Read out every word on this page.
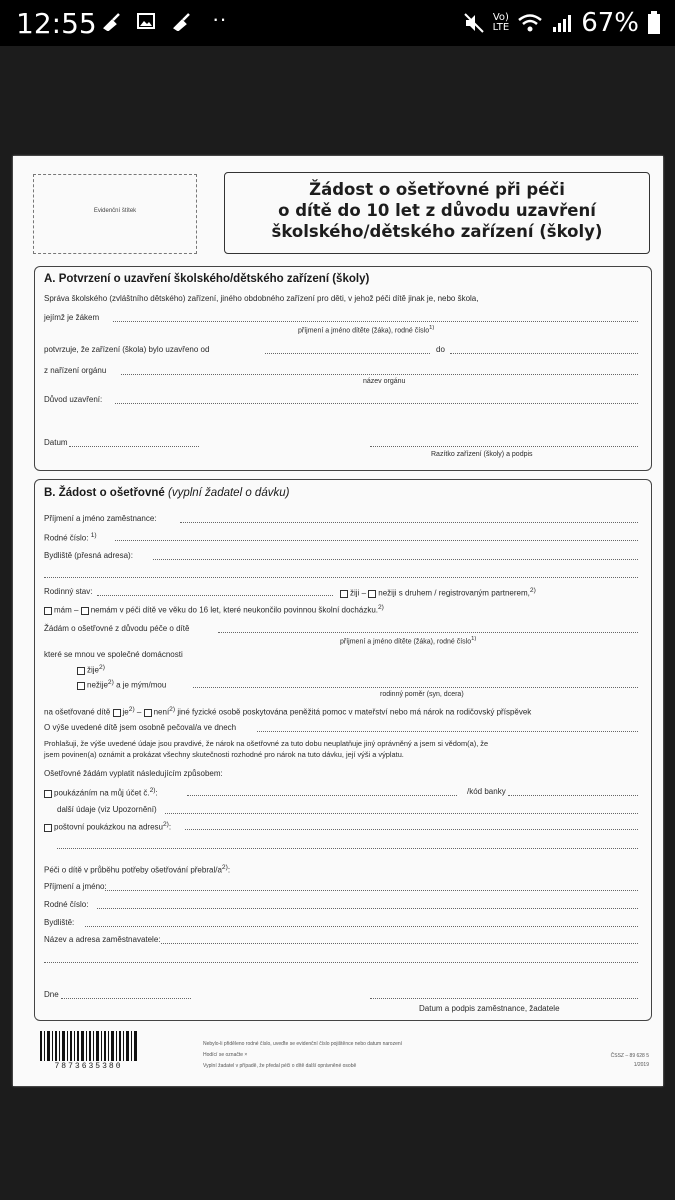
12:55	··	Vo)
LTE	67%
Evidenční štítek
Žádost o ošetřovné při péči
o dítě do 10 let z důvodu uzavření
školského/dětského zařízení (školy)
A. Potvrzení o uzavření školského/dětského zařízení (školy)
Správa školského (zvláštního dětského) zařízení, jiného obdobného zařízení pro děti, v jehož péči dítě jinak je, nebo škola,
jejímž je žákem
příjmení a jméno dítěte (žáka), rodné číslo$^{1)}$
potvrzuje, že zařízení (škola) bylo uzavřeno od	do
z nařízení orgánu
název orgánu
Důvod uzavření:
Datum
Razítko zařízení (školy) a podpis
B. Žádost o ošetřovné (vyplní žadatel o dávku)
Příjmení a jméno zaměstnance:
Rodné číslo: $^{1)}$
Bydliště (přesná adresa):
Rodinný stav:	žiji – nežiji s druhem / registrovaným partnerem,$^{2)}$
mám – nemám v péči dítě ve věku do 16 let, které neukončilo povinnou školní docházku.$^{2)}$
Žádám o ošetřovné z důvodu péče o dítě
příjmení a jméno dítěte (žáka), rodné číslo$^{1)}$
které se mnou ve společné domácnosti
žije$^{2)}$
nežije$^{2)}$ a je mým/mou
rodinný poměr (syn, dcera)
na ošetřované dítě $je^{2)}$ – není$^{2)}$ jiné fyzické osobě poskytována peněžitá pomoc v mateřství nebo má nárok na rodičovský příspěvek
O výše uvedené dítě jsem osobně pečoval/a ve dnech
Prohlašuji, že výše uvedené údaje jsou pravdivé, že nárok na ošetřovné za tuto dobu neuplatňuje jiný oprávněný a jsem si vědom(a), že
jsem povinen(a) oznámit a prokázat všechny skutečnosti rozhodné pro nárok na tuto dávku, její výši a výplatu.
Ošetřovné žádám vyplatit následujícím způsobem:
poukázáním na můj účet č.$^{2)}$:	/kód banky
další údaje (viz Upozornění)
poštovní poukázkou na adresu$^{2)}$:
Péči o dítě v průběhu potřeby ošetřování přebral/$a^{2)}$:
Příjmení a jméno:
Rodné číslo:
Bydliště:
Název a adresa zaměstnavatele:
Dne
Datum a podpis zaměstnance, žadatele
7873635380
Nebylo-li přiděleno rodné číslo, uveďte se evidenční číslo pojištěnce nebo datum narození
Hodící se označte ×
Vyplní žadatel v případě, že předal péči o dítě další oprávněné osobě
ČSSZ – 89 628 5
1/2019
